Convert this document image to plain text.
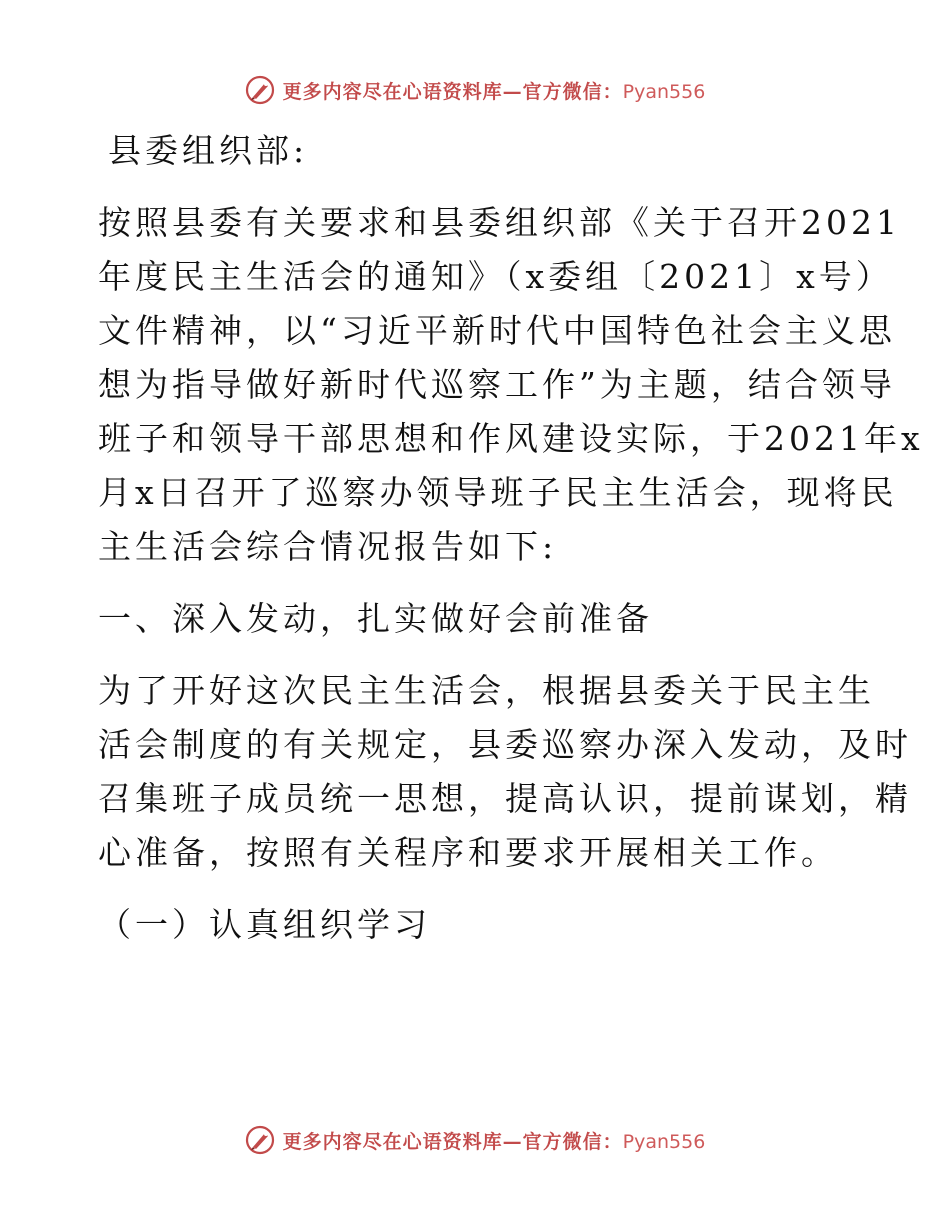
更多内容尽在心语资料库—官方微信：Pyan556
县委组织部:
按照县委有关要求和县委组织部《关于召开2021
年度民主生活会的通知》（x委组〔2021〕x号）
文件精神，以“习近平新时代中国特色社会主义思
想为指导做好新时代巡察工作”为主题，结合领导
班子和领导干部思想和作风建设实际，于2021年x
月x日召开了巡察办领导班子民主生活会，现将民
主生活会综合情况报告如下:
一、深入发动，扎实做好会前准备
为了开好这次民主生活会，根据县委关于民主生
活会制度的有关规定，县委巡察办深入发动，及时
召集班子成员统一思想，提高认识，提前谋划，精
心准备，按照有关程序和要求开展相关工作。
（一）认真组织学习
更多内容尽在心语资料库—官方微信：Pyan556
